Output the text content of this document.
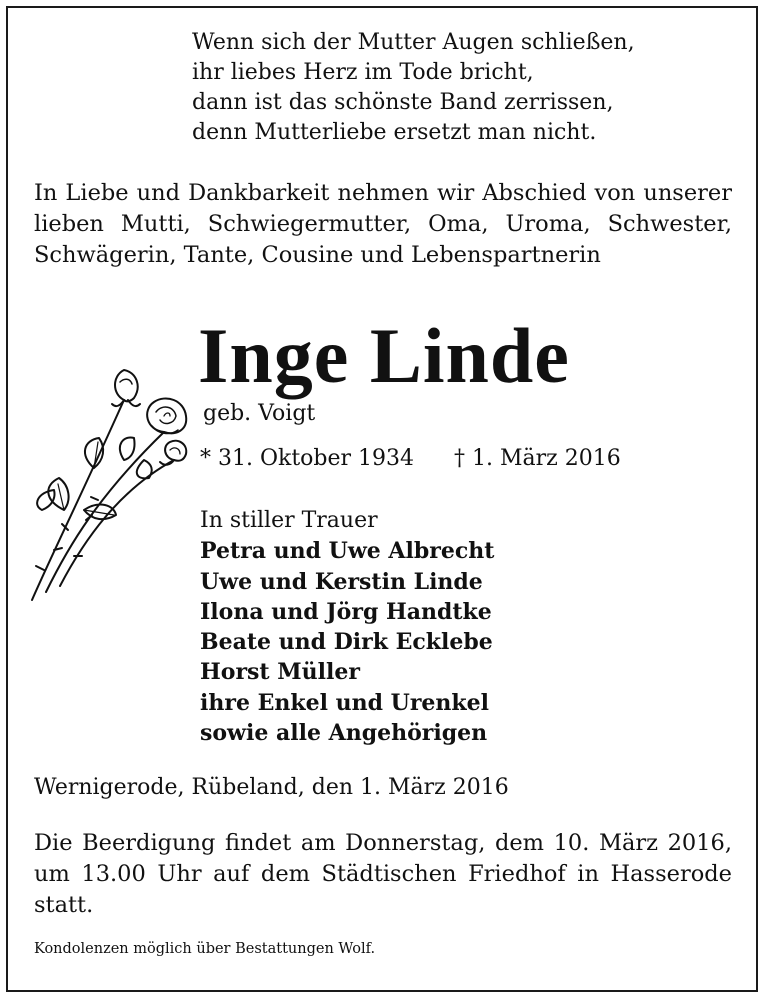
Wenn sich der Mutter Augen schließen,
ihr liebes Herz im Tode bricht,
dann ist das schönste Band zerrissen,
denn Mutterliebe ersetzt man nicht.

In Liebe und Dankbarkeit nehmen wir Abschied von unserer lieben Mutti, Schwiegermutter, Oma, Uroma, Schwester, Schwägerin, Tante, Cousine und Lebenspartnerin

Inge Linde
geb. Voigt
* 31. Oktober 1934 † 1. März 2016
In stiller Trauer
Petra und Uwe Albrecht
Uwe und Kerstin Linde
Ilona und Jörg Handtke
Beate und Dirk Ecklebe
Horst Müller
ihre Enkel und Urenkel
sowie alle Angehörigen
Wernigerode, Rübeland, den 1. März 2016

Die Beerdigung findet am Donnerstag, dem 10. März 2016, um 13.00 Uhr auf dem Städtischen Friedhof in Hasserode statt.

Kondolenzen möglich über Bestattungen Wolf.
